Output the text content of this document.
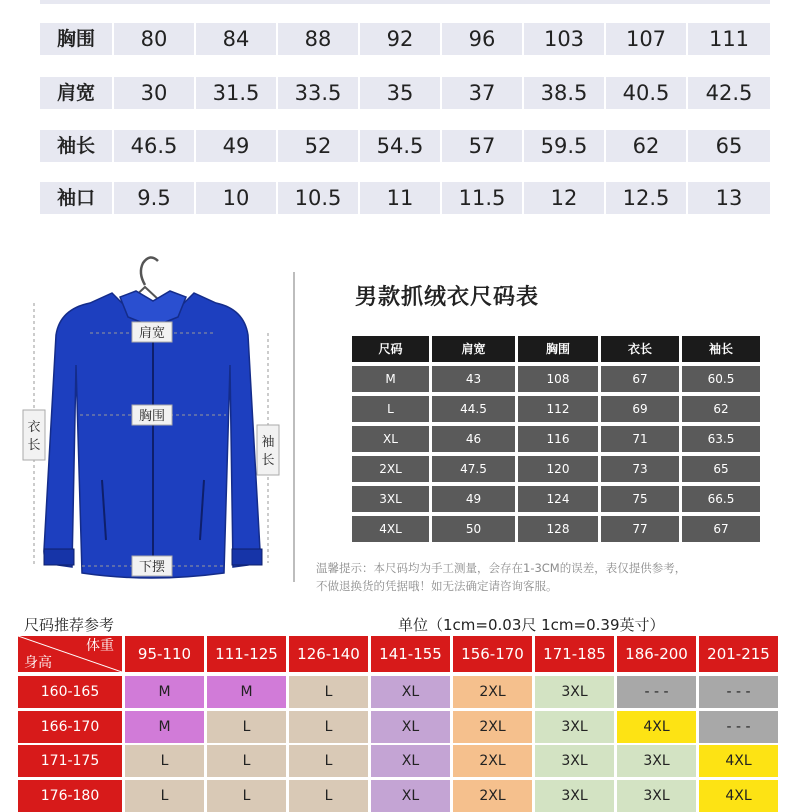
胸围	80	84	88	92	96	103	107	111
肩宽	30	31.5	33.5	35	37	38.5	40.5	42.5
袖长	46.5	49	52	54.5	57	59.5	62	65
袖口	9.5	10	10.5	11	11.5	12	12.5	13
肩宽
胸围
下摆
衣
长	袖
长
男款抓绒衣尺码表
尺码	肩宽	胸围	衣长	袖长
M	43	108	67	60.5
L	44.5	112	69	62
XL	46	116	71	63.5
2XL	47.5	120	73	65
3XL	49	124	75	66.5
4XL	50	128	77	67
温馨提示：本尺码均为手工测量，会存在1-3CM的误差，表仅提供参考，
不做退换货的凭据哦！如无法确定请咨询客服。
尺码推荐参考	单位（1cm=0.03尺 1cm=0.39英寸）
体重
身高	95-110	111-125	126-140	141-155	156-170	171-185	186-200	201-215
160-165	M	M	L	XL	2XL	3XL	- - -	- - -
166-170	M	L	L	XL	2XL	3XL	4XL	- - -
171-175	L	L	L	XL	2XL	3XL	3XL	4XL
176-180	L	L	L	XL	2XL	3XL	3XL	4XL
